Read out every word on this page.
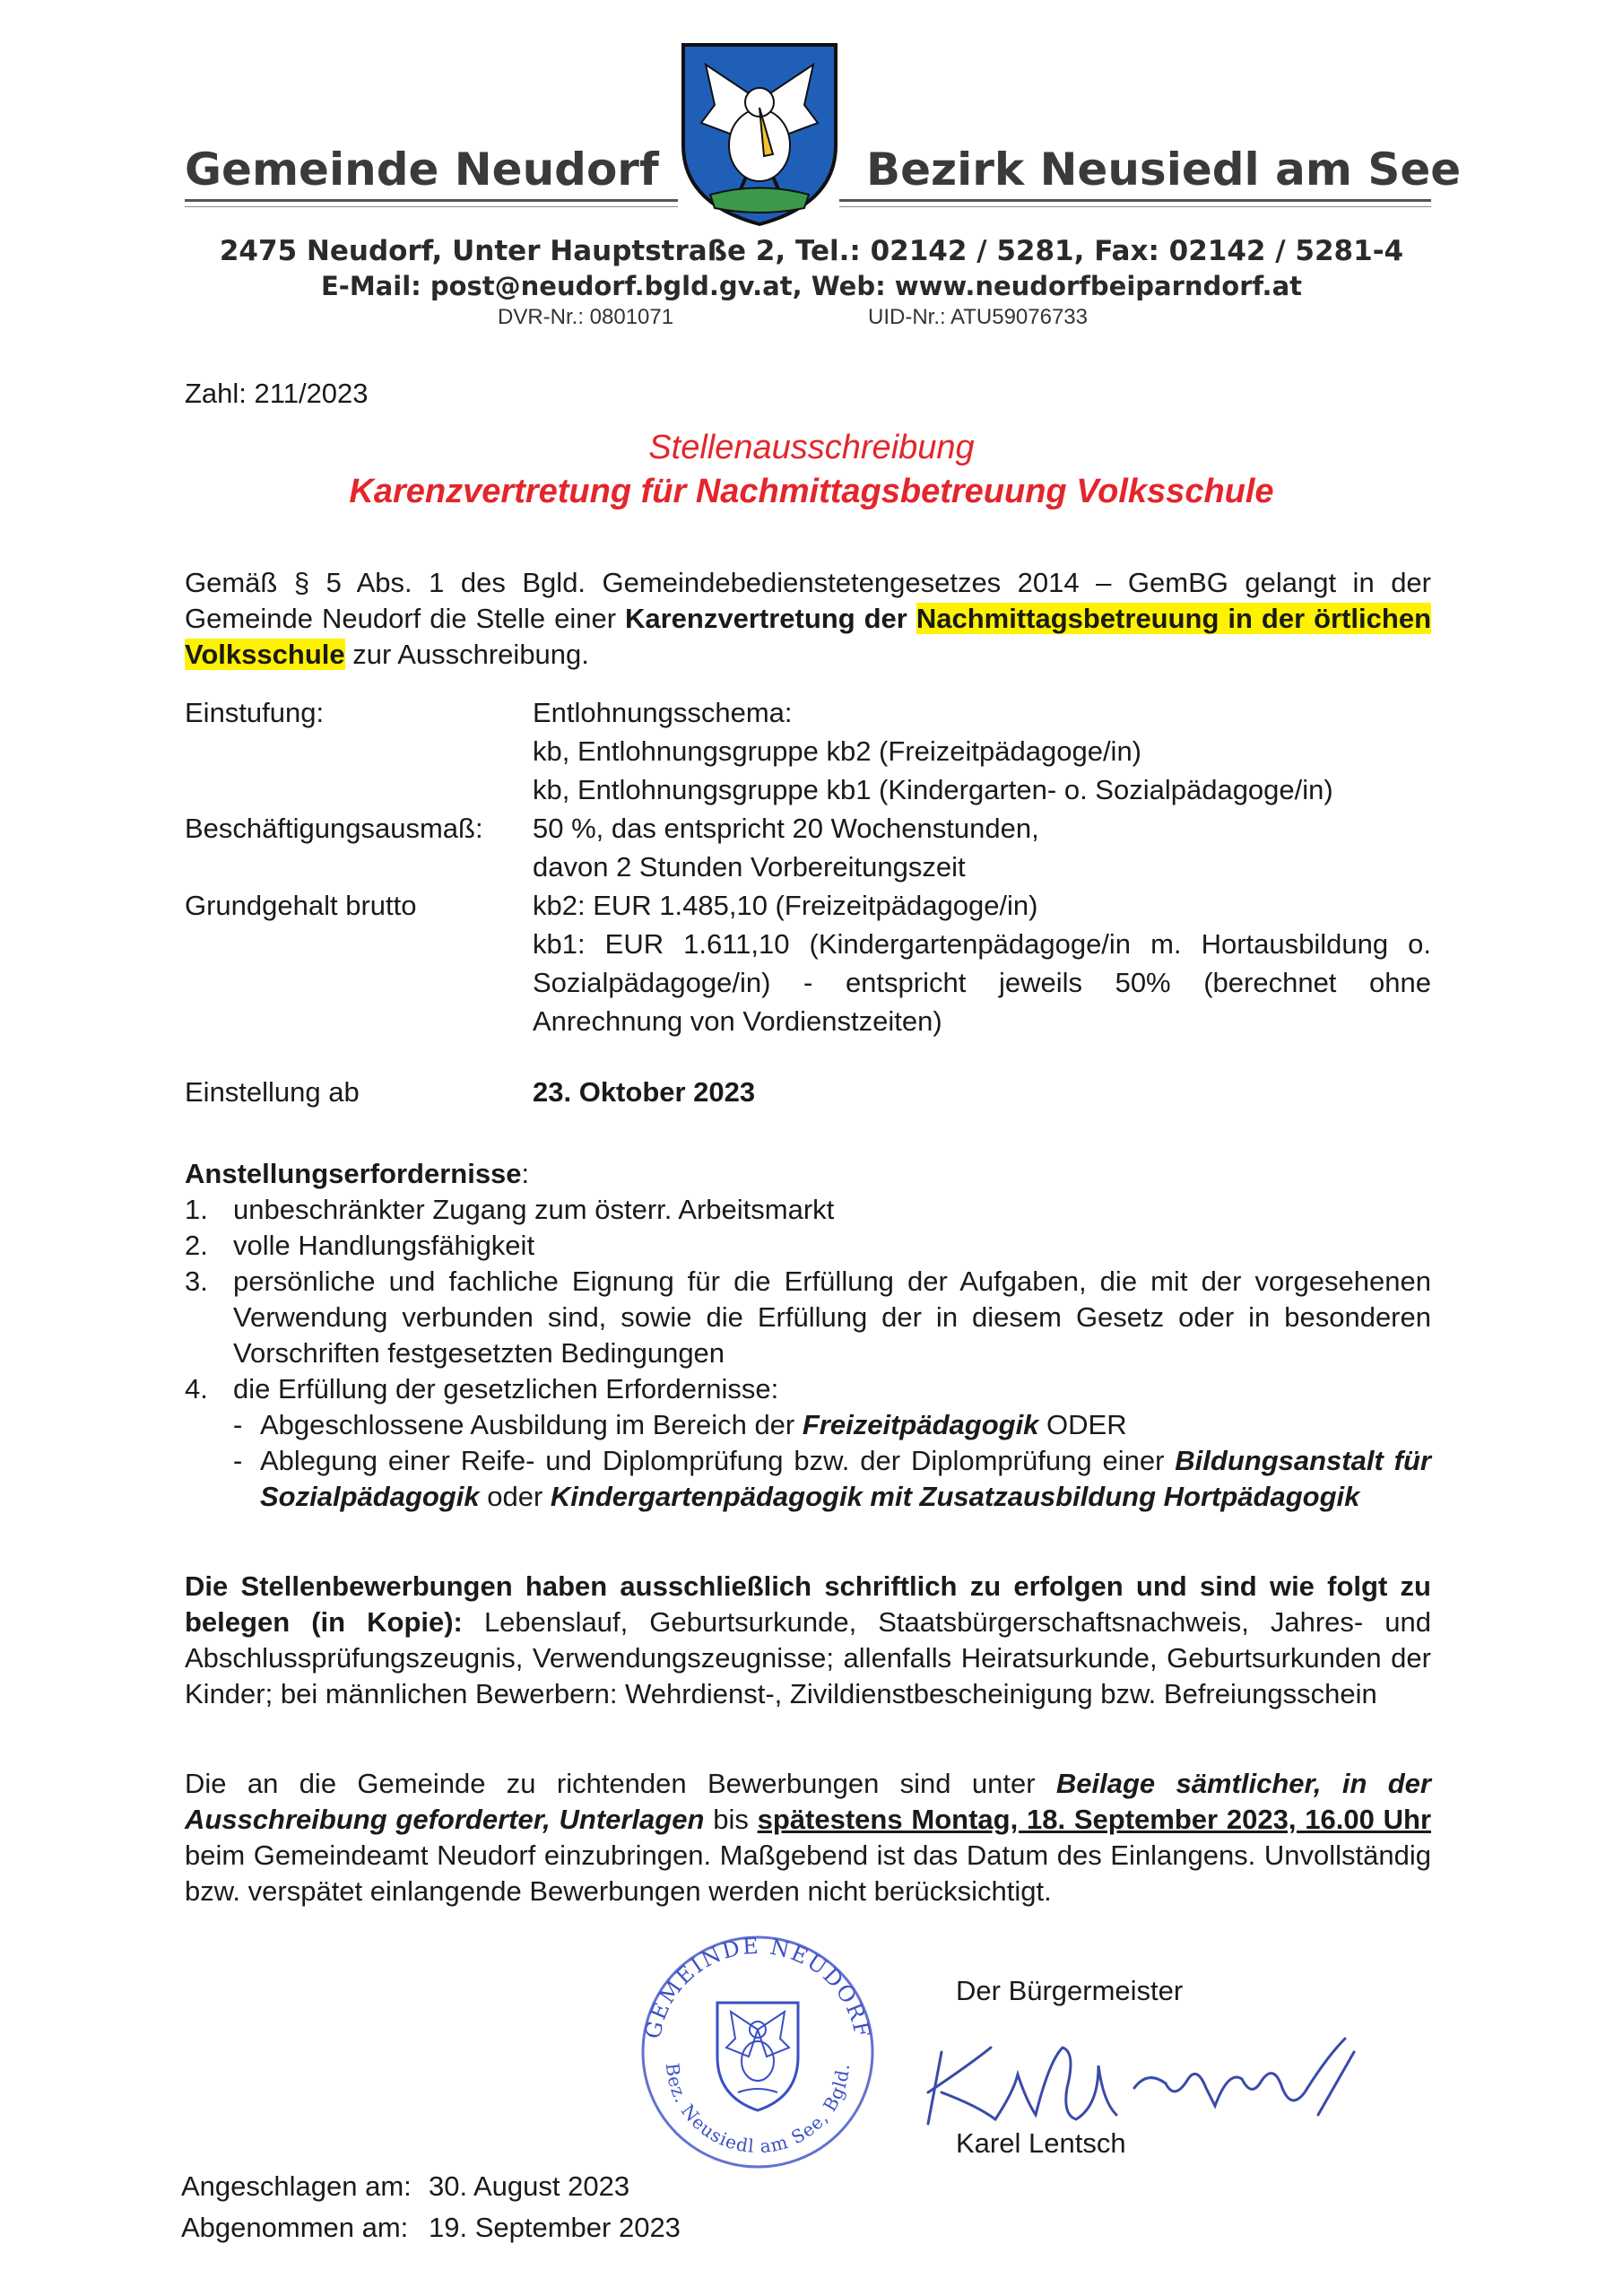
Gemeinde Neudorf	Bezirk Neusiedl am See
2475 Neudorf, Unter Hauptstraße 2, Tel.: 02142 / 5281, Fax: 02142 / 5281-4
E-Mail: post@neudorf.bgld.gv.at, Web: www.neudorfbeiparndorf.at
DVR-Nr.: 0801071	UID-Nr.: ATU59076733
Zahl: 211/2023
Stellenausschreibung
Karenzvertretung für Nachmittagsbetreuung Volksschule
Gemäß § 5 Abs. 1 des Bgld. Gemeindebedienstetengesetzes 2014 – GemBG gelangt in der Gemeinde Neudorf die Stelle einer Karenzvertretung der Nachmittagsbetreuung in der örtlichen Volksschule zur Ausschreibung.
Einstufung:	Entlohnungsschema:
kb, Entlohnungsgruppe kb2 (Freizeitpädagoge/in)
kb, Entlohnungsgruppe kb1 (Kindergarten- o. Sozialpädagoge/in)
Beschäftigungsausmaß: 50 %, das entspricht 20 Wochenstunden,
davon 2 Stunden Vorbereitungszeit
Grundgehalt brutto	kb2: EUR 1.485,10 (Freizeitpädagoge/in)
kb1: EUR 1.611,10 (Kindergartenpädagoge/in m. Hortausbildung o. Sozialpädagoge/in) - entspricht jeweils 50% (berechnet ohne Anrechnung von Vordienstzeiten)
Einstellung ab	23. Oktober 2023
Anstellungserfordernisse:
1. unbeschränkter Zugang zum österr. Arbeitsmarkt
2. volle Handlungsfähigkeit
3. persönliche und fachliche Eignung für die Erfüllung der Aufgaben, die mit der vorgesehenen Verwendung verbunden sind, sowie die Erfüllung der in diesem Gesetz oder in besonderen Vorschriften festgesetzten Bedingungen
4. die Erfüllung der gesetzlichen Erfordernisse:
- Abgeschlossene Ausbildung im Bereich der Freizeitpädagogik ODER
- Ablegung einer Reife- und Diplomprüfung bzw. der Diplomprüfung einer Bildungsanstalt für Sozialpädagogik oder Kindergartenpädagogik mit Zusatzausbildung Hortpädagogik
Die Stellenbewerbungen haben ausschließlich schriftlich zu erfolgen und sind wie folgt zu belegen (in Kopie): Lebenslauf, Geburtsurkunde, Staatsbürgerschaftsnachweis, Jahres- und Abschlussprüfungszeugnis, Verwendungszeugnisse; allenfalls Heiratsurkunde, Geburtsurkunden der Kinder; bei männlichen Bewerbern: Wehrdienst-, Zivildienstbescheinigung bzw. Befreiungsschein
Die an die Gemeinde zu richtenden Bewerbungen sind unter Beilage sämtlicher, in der Ausschreibung geforderter, Unterlagen bis spätestens Montag, 18. September 2023, 16.00 Uhr beim Gemeindeamt Neudorf einzubringen. Maßgebend ist das Datum des Einlangens. Unvollständig bzw. verspätet einlangende Bewerbungen werden nicht berücksichtigt.
GEMEINDE NEUDORF
Bez. Neusiedl am See, Bgld.
Der Bürgermeister
Karel Lentsch
Angeschlagen am: 30. August 2023
Abgenommen am: 19. September 2023
